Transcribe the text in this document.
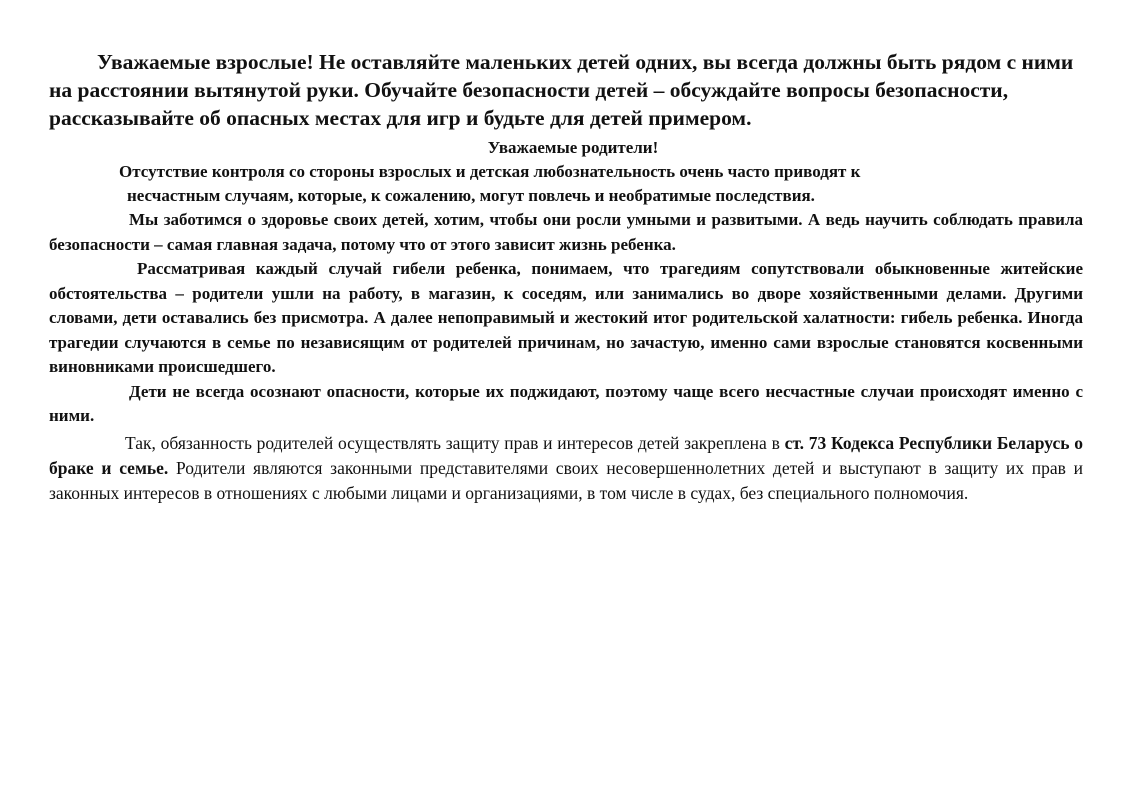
Уважаемые взрослые! Не оставляйте маленьких детей одних, вы всегда должны быть рядом с ними на расстоянии вытянутой руки. Обучайте безопасности детей – обсуждайте вопросы безопасности, рассказывайте об опасных местах для игр и будьте для детей примером.

Уважаемые родители!

Отсутствие контроля со стороны взрослых и детская любознательность очень часто приводят к
несчастным случаям, которые, к сожалению, могут повлечь и необратимые последствия.

Мы заботимся о здоровье своих детей, хотим, чтобы они росли умными и развитыми. А ведь научить соблюдать правила безопасности – самая главная задача, потому что от этого зависит жизнь ребенка.

Рассматривая каждый случай гибели ребенка, понимаем, что трагедиям сопутствовали обыкновенные житейские обстоятельства – родители ушли на работу, в магазин, к соседям, или занимались во дворе хозяйственными делами. Другими словами, дети оставались без присмотра. А далее непоправимый и жестокий итог родительской халатности: гибель ребенка. Иногда трагедии случаются в семье по независящим от родителей причинам, но зачастую, именно сами взрослые становятся косвенными виновниками происшедшего.

Дети не всегда осознают опасности, которые их поджидают, поэтому чаще всего несчастные случаи происходят именно с ними.

Так, обязанность родителей осуществлять защиту прав и интересов детей закреплена в ст. 73 Кодекса Республики Беларусь о браке и семье. Родители являются законными представителями своих несовершеннолетних детей и выступают в защиту их прав и законных интересов в отношениях с любыми лицами и организациями, в том числе в судах, без специального полномочия.
